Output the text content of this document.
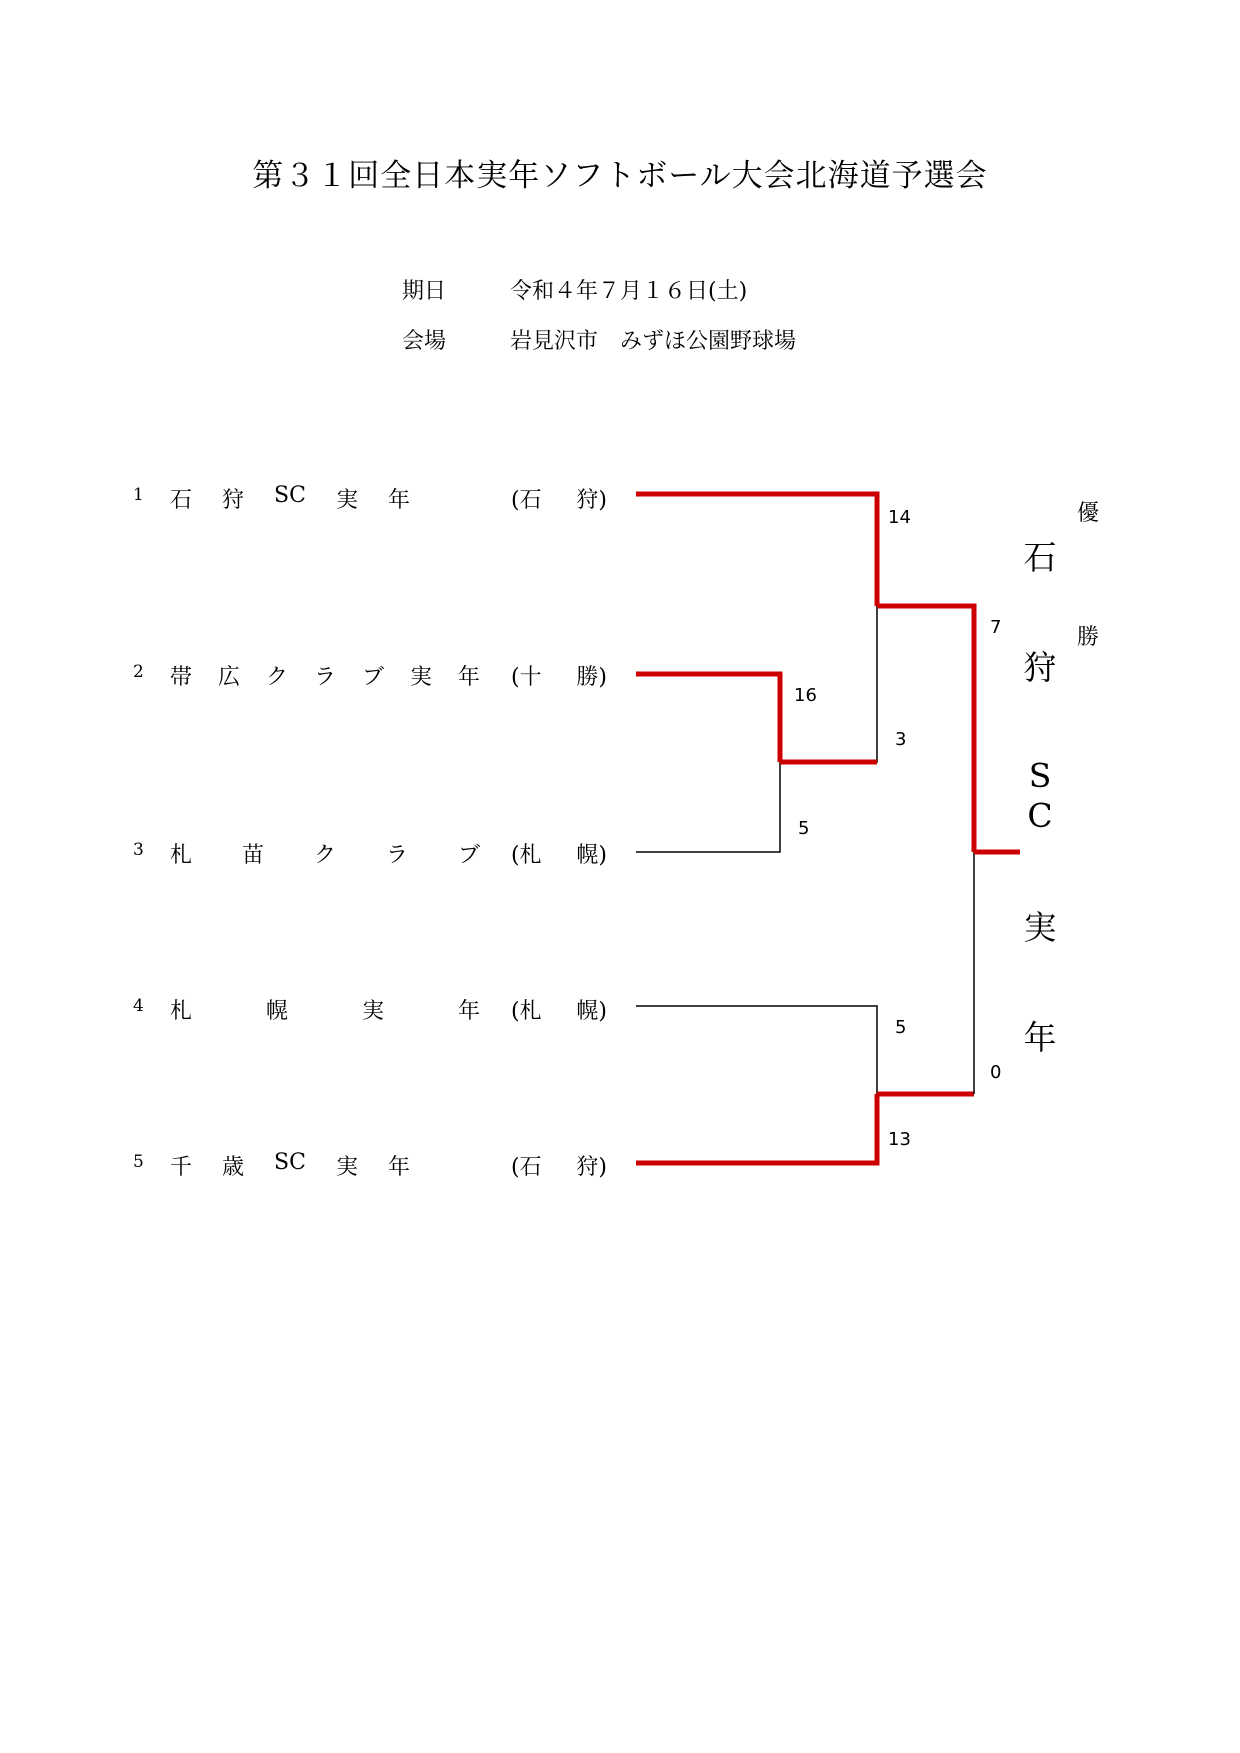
第３１回全日本実年ソフトボール大会北海道予選会
期日	令和４年７月１６日(土)
会場	岩見沢市　みずほ公園野球場
1 石 狩 SC 実 年	(石 狩)
2 帯 広 ク ラ ブ 実 年 (十 勝)
3 札 苗 ク ラ ブ (札 幌)
4 札	幌	実	年 (札 幌)
5 千 歳 SC 実 年	(石 狩)
14
16
3
5
7
5
0
13
石
狩
S
C
実
年
優
勝
